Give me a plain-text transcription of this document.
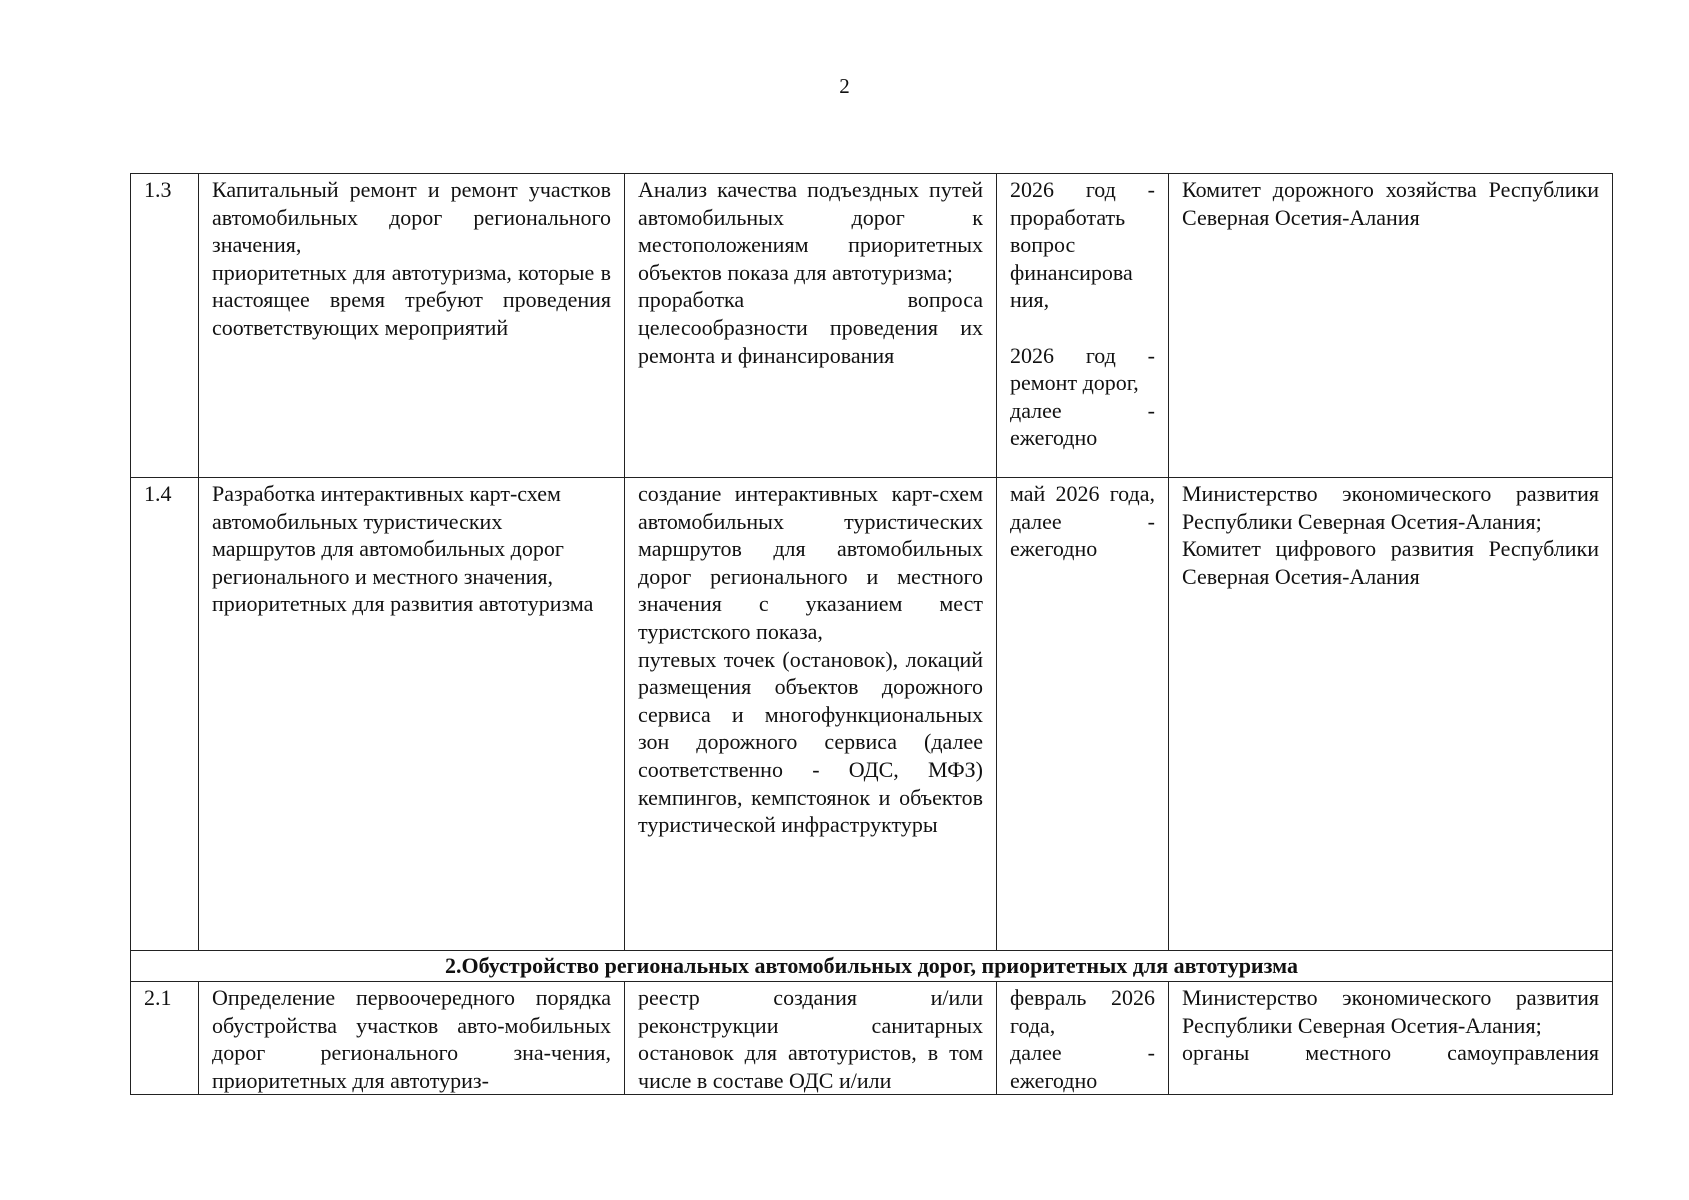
2
1.3	Капитальный ремонт и ремонт участков автомобильных дорог регионального значения,
приоритетных для автотуризма, которые в настоящее время требуют проведения соответствующих мероприятий	Анализ качества подъездных путей автомобильных дорог к местоположениям приоритетных объектов показа для автотуризма;
проработка вопроса целесообразности проведения их ремонта и финансирования	2026 год - проработать вопрос финансирова ния,
2026 год - ремонт дорог,
далее -
ежегодно	Комитет дорожного хозяйства Республики Северная Осетия-Алания

1.4	Разработка интерактивных карт-схем автомобильных туристических маршрутов для автомобильных дорог регионального и местного значения, приоритетных для развития автотуризма	создание интерактивных карт-схем автомобильных туристических маршрутов для автомобильных дорог регионального и местного значения с указанием мест туристского показа,
путевых точек (остановок), локаций размещения объектов дорожного сервиса и многофункциональных зон дорожного сервиса (далее соответственно - ОДС, МФЗ) кемпингов, кемпстоянок и объектов туристической инфраструктуры	май 2026 года, далее - ежегодно	Министерство экономического развития Республики Северная Осетия-Алания;
Комитет цифрового развития Республики Северная Осетия-Алания

2.Обустройство региональных автомобильных дорог, приоритетных для автотуризма				
2.1	Определение первоочередного порядка обустройства участков авто-мобильных дорог регионального зна-чения, приоритетных для автотуриз-	реестр создания и/или реконструкции санитарных остановок для автотуристов, в том числе в составе ОДС и/или	февраль 2026 года,
далее -
ежегодно	Министерство экономического развития Республики Северная Осетия-Алания;
органы местного самоуправления
